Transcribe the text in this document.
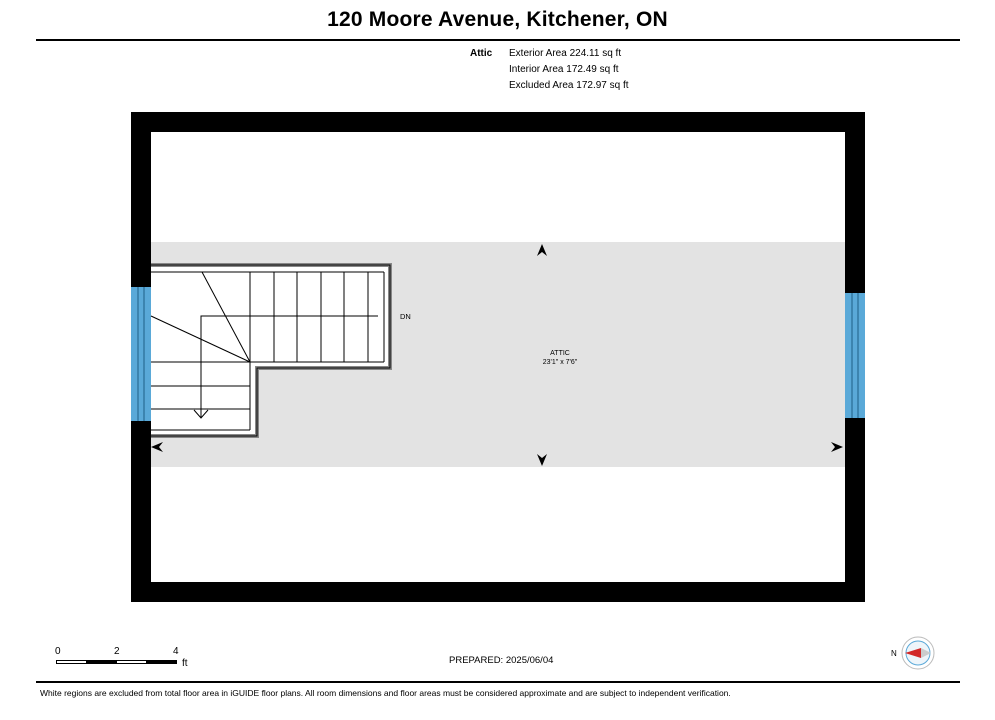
120 Moore Avenue, Kitchener, ON
Attic Exterior Area 224.11 sq ft
Interior Area 172.49 sq ft
Excluded Area 172.97 sq ft
DN
ATTIC
23'1" x 7'6"
0	2	4
ft	PREPARED: 2025/06/04
N
White regions are excluded from total floor area in iGUIDE floor plans. All room dimensions and floor areas must be considered approximate and are subject to independent verification.
